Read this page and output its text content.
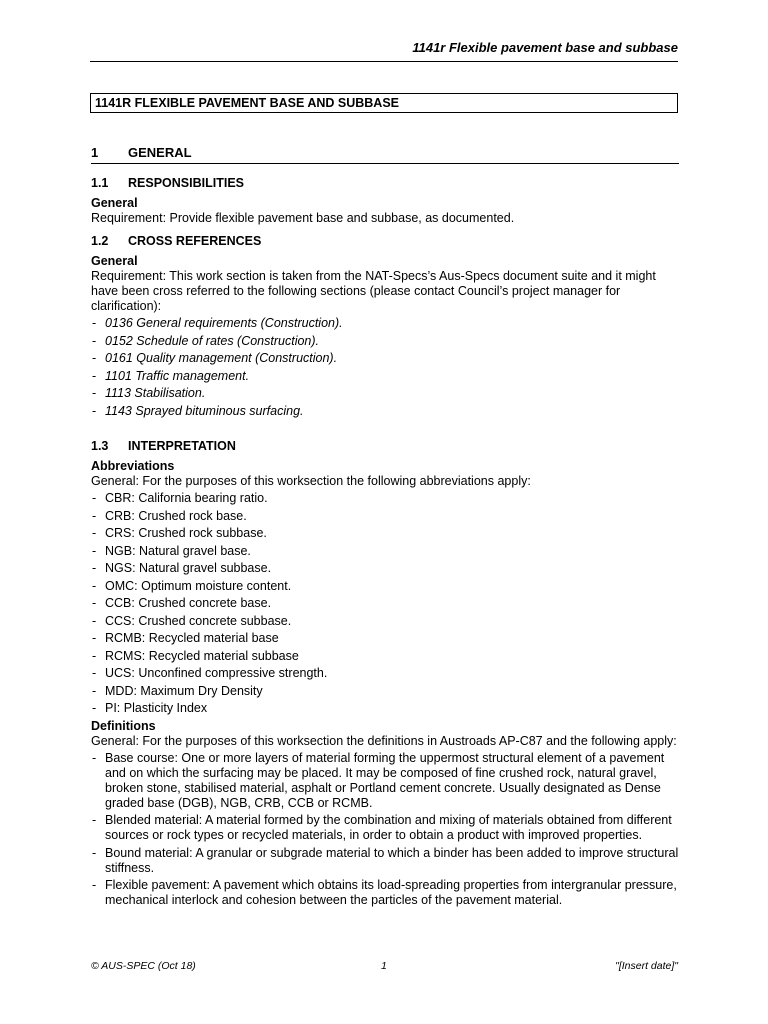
1141r Flexible pavement base and subbase
1141R FLEXIBLE PAVEMENT BASE AND SUBBASE
1	GENERAL
1.1	RESPONSIBILITIES
General

Requirement: Provide flexible pavement base and subbase, as documented.

1.2	CROSS REFERENCES
General

Requirement: This work section is taken from the NAT-Specs’s Aus-Specs document suite and it might have been cross referred to the following sections (please contact Council’s project manager for clarification):

- 0136 General requirements (Construction).
- 0152 Schedule of rates (Construction).
- 0161 Quality management (Construction).
- 1101 Traffic management.
- 1113 Stabilisation.
- 1143 Sprayed bituminous surfacing.
1.3	INTERPRETATION
Abbreviations

General: For the purposes of this worksection the following abbreviations apply:

- CBR: California bearing ratio.
- CRB: Crushed rock base.
- CRS: Crushed rock subbase.
- NGB: Natural gravel base.
- NGS: Natural gravel subbase.
- OMC: Optimum moisture content.
- CCB: Crushed concrete base.
- CCS: Crushed concrete subbase.
- RCMB: Recycled material base
- RCMS: Recycled material subbase
- UCS: Unconfined compressive strength.
- MDD: Maximum Dry Density
- PI: Plasticity Index
Definitions

General: For the purposes of this worksection the definitions in Austroads AP-C87 and the following apply:

- Base course: One or more layers of material forming the uppermost structural element of a pavement and on which the surfacing may be placed. It may be composed of fine crushed rock, natural gravel, broken stone, stabilised material, asphalt or Portland cement concrete. Usually designated as Dense graded base (DGB), NGB, CRB, CCB or RCMB.
- Blended material: A material formed by the combination and mixing of materials obtained from different sources or rock types or recycled materials, in order to obtain a product with improved properties.
- Bound material: A granular or subgrade material to which a binder has been added to improve structural stiffness.
- Flexible pavement: A pavement which obtains its load-spreading properties from intergranular pressure, mechanical interlock and cohesion between the particles of the pavement material.
© AUS-SPEC (Oct 18)	1	"[Insert date]"
